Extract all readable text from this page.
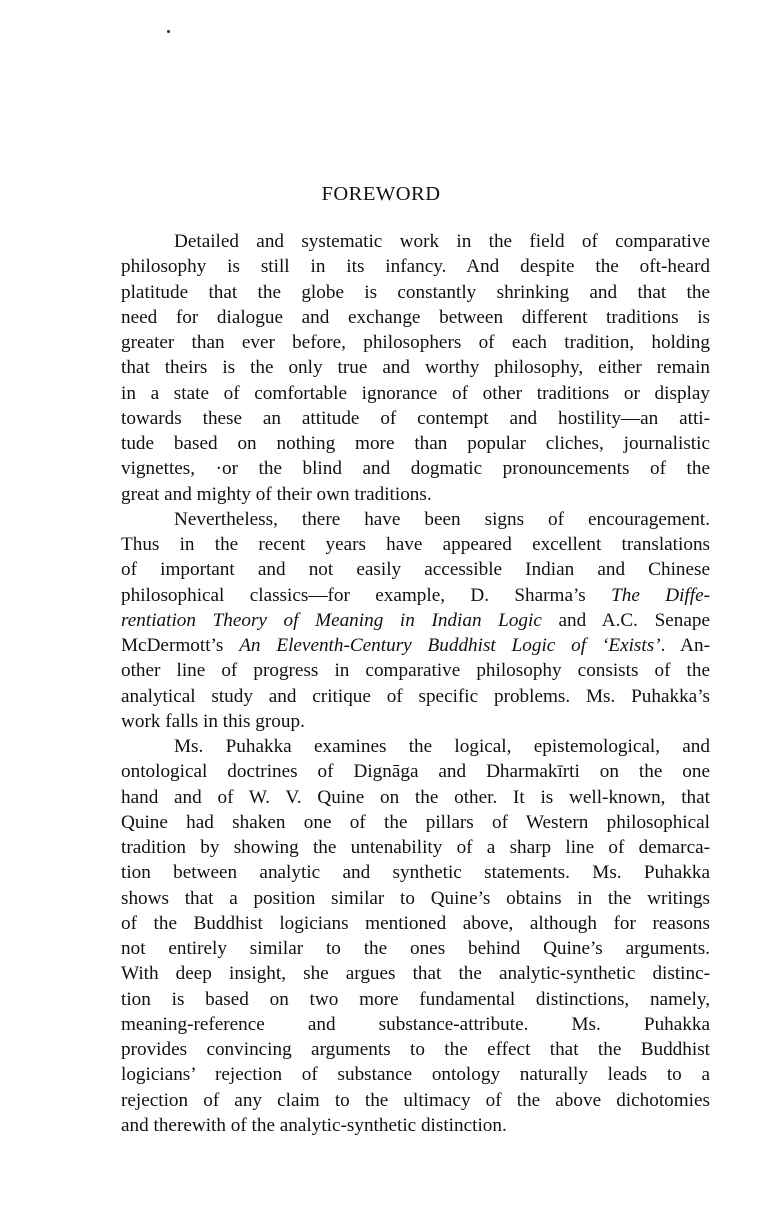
FOREWORD
Detailed and systematic work in the field of comparative
philosophy is still in its infancy. And despite the oft-heard
platitude that the globe is constantly shrinking and that the
need for dialogue and exchange between different traditions is
greater than ever before, philosophers of each tradition, holding
that theirs is the only true and worthy philosophy, either remain
in a state of comfortable ignorance of other traditions or display
towards these an attitude of contempt and hostility—an atti-
tude based on nothing more than popular cliches, journalistic
vignettes, ·or the blind and dogmatic pronouncements of the
great and mighty of their own traditions.
Nevertheless, there have been signs of encouragement.
Thus in the recent years have appeared excellent translations
of important and not easily accessible Indian and Chinese
philosophical classics—for example, D. Sharma’s The Diffe-
rentiation Theory of Meaning in Indian Logic and A.C. Senape
McDermott’s An Eleventh-Century Buddhist Logic of ‘Exists’. An-
other line of progress in comparative philosophy consists of the
analytical study and critique of specific problems. Ms. Puhakka’s
work falls in this group.
Ms. Puhakka examines the logical, epistemological, and
ontological doctrines of Dignāga and Dharmakīrti on the one
hand and of W. V. Quine on the other. It is well-known, that
Quine had shaken one of the pillars of Western philosophical
tradition by showing the untenability of a sharp line of demarca-
tion between analytic and synthetic statements. Ms. Puhakka
shows that a position similar to Quine’s obtains in the writings
of the Buddhist logicians mentioned above, although for reasons
not entirely similar to the ones behind Quine’s arguments.
With deep insight, she argues that the analytic-synthetic distinc-
tion is based on two more fundamental distinctions, namely,
meaning-reference and substance-attribute. Ms. Puhakka
provides convincing arguments to the effect that the Buddhist
logicians’ rejection of substance ontology naturally leads to a
rejection of any claim to the ultimacy of the above dichotomies
and therewith of the analytic-synthetic distinction.
